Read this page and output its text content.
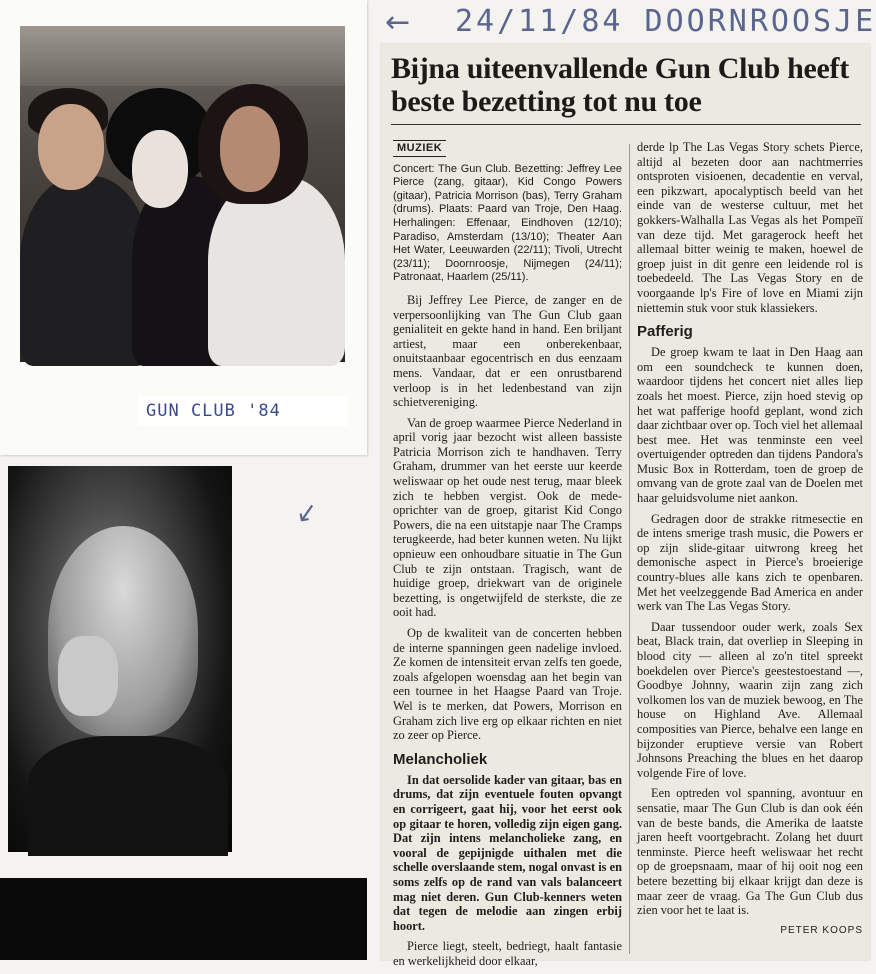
GUN CLUB '84
←
↙
24/11/84 DOORNROOSJE
Bijna uiteenvallende Gun Club heeft beste bezetting tot nu toe
MUZIEK
Concert: The Gun Club. Bezetting: Jeffrey Lee Pierce (zang, gitaar), Kid Congo Powers (gitaar), Patricia Morrison (bas), Terry Graham (drums). Plaats: Paard van Troje, Den Haag. Herhalingen: Effenaar, Eindhoven (12/10); Paradiso, Amsterdam (13/10); Theater Aan Het Water, Leeuwarden (22/11); Tivoli, Utrecht (23/11); Doornroosje, Nijmegen (24/11); Patronaat, Haarlem (25/11).

Bij Jeffrey Lee Pierce, de zanger en de verpersoonlijking van The Gun Club gaan genialiteit en gekte hand in hand. Een briljant artiest, maar een onberekenbaar, onuitstaanbaar egocentrisch en dus eenzaam mens. Vandaar, dat er een onrustbarend verloop is in het ledenbestand van zijn schietvereniging.

Van de groep waarmee Pierce Nederland in april vorig jaar bezocht wist alleen bassiste Patricia Morrison zich te handhaven. Terry Graham, drummer van het eerste uur keerde weliswaar op het oude nest terug, maar bleek zich te hebben vergist. Ook de mede-oprichter van de groep, gitarist Kid Congo Powers, die na een uitstapje naar The Cramps terugkeerde, had beter kunnen weten. Nu lijkt opnieuw een onhoudbare situatie in The Gun Club te zijn ontstaan. Tragisch, want de huidige groep, driekwart van de originele bezetting, is ongetwijfeld de sterkste, die ze ooit had.

Op de kwaliteit van de concerten hebben de interne spanningen geen nadelige invloed. Ze komen de intensiteit ervan zelfs ten goede, zoals afgelopen woensdag aan het begin van een tournee in het Haagse Paard van Troje. Wel is te merken, dat Powers, Morrison en Graham zich live erg op elkaar richten en niet zo zeer op Pierce.

Melancholiek

In dat oersolide kader van gitaar, bas en drums, dat zijn eventuele fouten opvangt en corrigeert, gaat hij, voor het eerst ook op gitaar te horen, volledig zijn eigen gang. Dat zijn intens melancholieke zang, en vooral de gepijnigde uithalen met die schelle overslaande stem, nogal onvast is en soms zelfs op de rand van vals balanceert mag niet deren. Gun Club-kenners weten dat tegen de melodie aan zingen erbij hoort.

Pierce liegt, steelt, bedriegt, haalt fantasie en werkelijkheid door elkaar,

derde lp The Las Vegas Story schets Pierce, altijd al bezeten door aan nachtmerries ontsproten visioenen, decadentie en verval, een pikzwart, apocalyptisch beeld van het einde van de westerse cultuur, met het gokkers-Walhalla Las Vegas als het Pompeïï van deze tijd. Met garagerock heeft het allemaal bitter weinig te maken, hoewel de groep juist in dit genre een leidende rol is toebedeeld. The Las Vegas Story en de voorgaande lp's Fire of love en Miami zijn niettemin stuk voor stuk klassiekers.

Pafferig

De groep kwam te laat in Den Haag aan om een soundcheck te kunnen doen, waardoor tijdens het concert niet alles liep zoals het moest. Pierce, zijn hoed stevig op het wat pafferige hoofd geplant, wond zich daar zichtbaar over op. Toch viel het allemaal best mee. Het was tenminste een veel overtuigender optreden dan tijdens Pandora's Music Box in Rotterdam, toen de groep de omvang van de grote zaal van de Doelen met haar geluidsvolume niet aankon.

Gedragen door de strakke ritmesectie en de intens smerige trash music, die Powers er op zijn slide-gitaar uitwrong kreeg het demonische aspect in Pierce's broeierige country-blues alle kans zich te openbaren. Met het veelzeggende Bad America en ander werk van The Las Vegas Story.

Daar tussendoor ouder werk, zoals Sex beat, Black train, dat overliep in Sleeping in blood city — alleen al zo'n titel spreekt boekdelen over Pierce's geestestoestand —, Goodbye Johnny, waarin zijn zang zich volkomen los van de muziek bewoog, en The house on Highland Ave. Allemaal composities van Pierce, behalve een lange en bijzonder eruptieve versie van Robert Johnsons Preaching the blues en het daarop volgende Fire of love.

Een optreden vol spanning, avontuur en sensatie, maar The Gun Club is dan ook één van de beste bands, die Amerika de laatste jaren heeft voortgebracht. Zolang het duurt tenminste. Pierce heeft weliswaar het recht op de groepsnaam, maar of hij ooit nog een betere bezetting bij elkaar krijgt dan deze is maar zeer de vraag. Ga The Gun Club dus zien voor het te laat is.

PETER KOOPS
